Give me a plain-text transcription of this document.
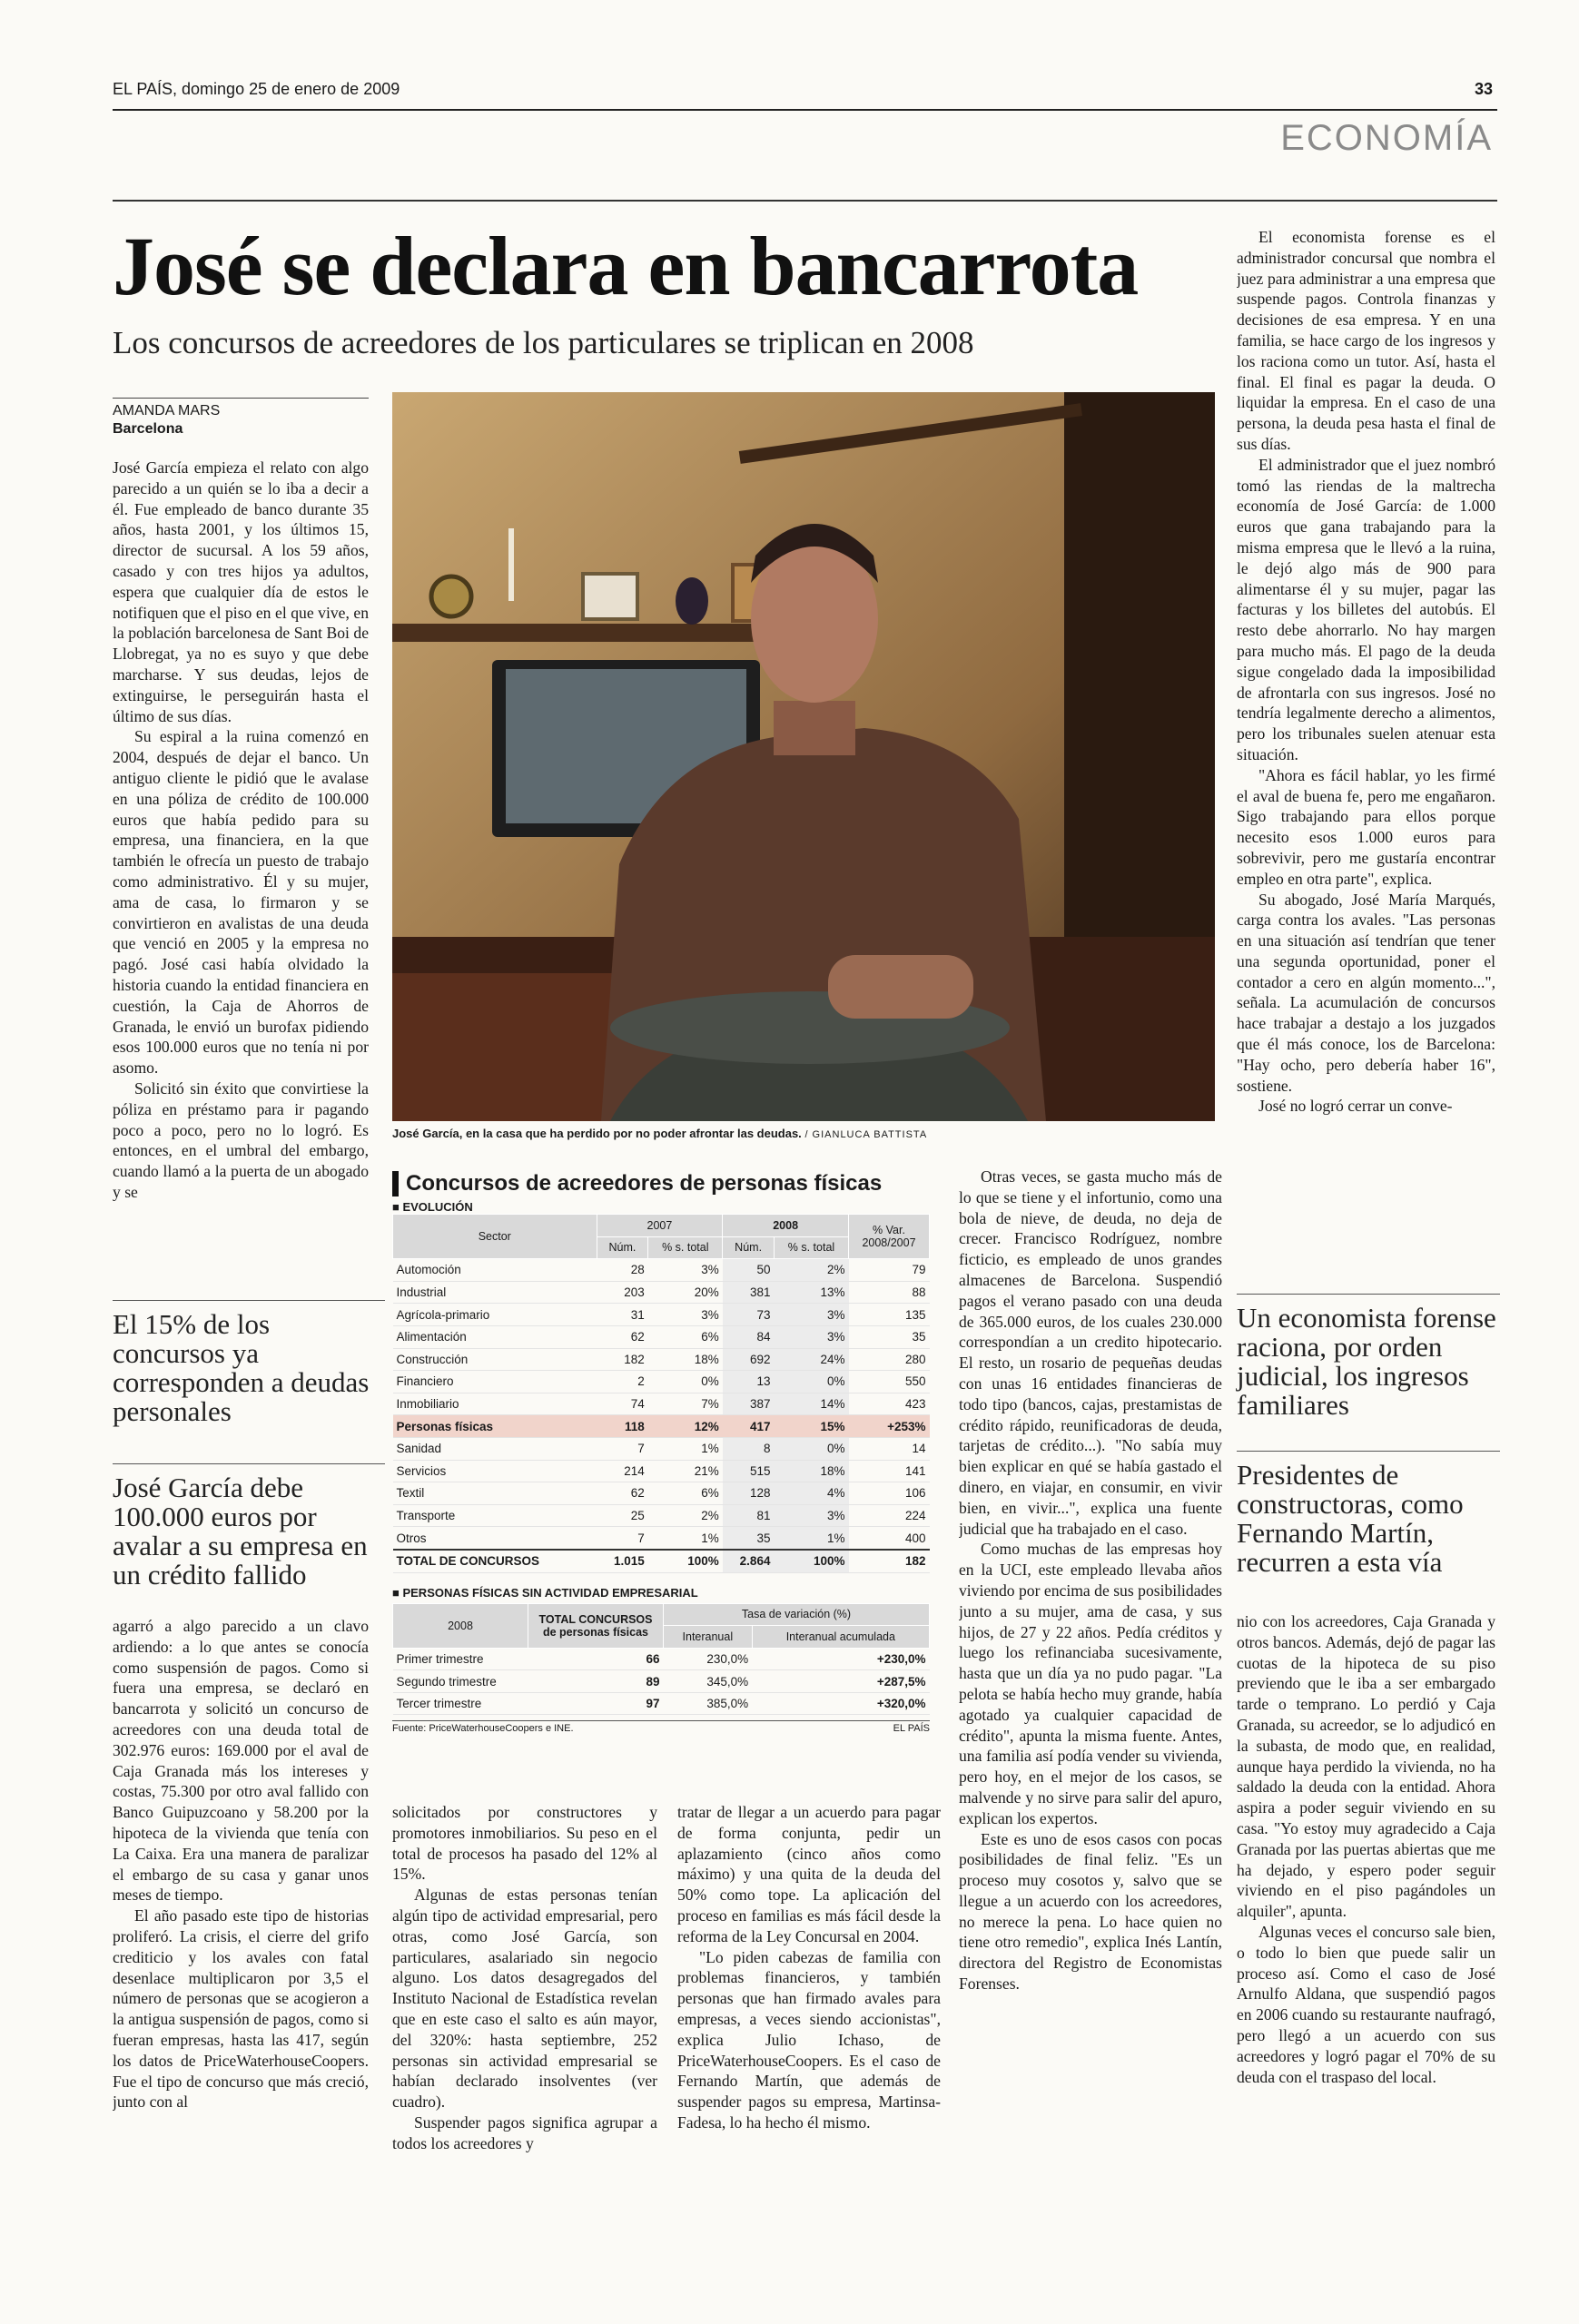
EL PAÍS, domingo 25 de enero de 2009	33
ECONOMÍA
José se declara en bancarrota
Los concursos de acreedores de los particulares se triplican en 2008
AMANDA MARS
Barcelona

José García empieza el relato con algo parecido a un quién se lo iba a decir a él. Fue empleado de banco durante 35 años, hasta 2001, y los últimos 15, director de sucursal. A los 59 años, casado y con tres hijos ya adultos, espera que cualquier día de estos le notifiquen que el piso en el que vive, en la población barcelonesa de Sant Boi de Llobregat, ya no es suyo y que debe marcharse. Y sus deudas, lejos de extinguirse, le perseguirán hasta el último de sus días.

Su espiral a la ruina comenzó en 2004, después de dejar el banco. Un antiguo cliente le pidió que le avalase en una póliza de crédito de 100.000 euros que había pedido para su empresa, una financiera, en la que también le ofrecía un puesto de trabajo como administrativo. Él y su mujer, ama de casa, lo firmaron y se convirtieron en avalistas de una deuda que venció en 2005 y la empresa no pagó. José casi había olvidado la historia cuando la entidad financiera en cuestión, la Caja de Ahorros de Granada, le envió un burofax pidiendo esos 100.000 euros que no tenía ni por asomo.

Solicitó sin éxito que convirtiese la póliza en préstamo para ir pagando poco a poco, pero no lo logró. Es entonces, en el umbral del embargo, cuando llamó a la puerta de un abogado y se

El 15% de los concursos ya corresponden a deudas personales
José García debe 100.000 euros por avalar a su empresa en un crédito fallido

agarró a algo parecido a un clavo ardiendo: a lo que antes se conocía como suspensión de pagos. Como si fuera una empresa, se declaró en bancarrota y solicitó un concurso de acreedores con una deuda total de 302.976 euros: 169.000 por el aval de Caja Granada más los intereses y costas, 75.300 por otro aval fallido con Banco Guipuzcoano y 58.200 por la hipoteca de la vivienda que tenía con La Caixa. Era una manera de paralizar el embargo de su casa y ganar unos meses de tiempo.

El año pasado este tipo de historias proliferó. La crisis, el cierre del grifo crediticio y los avales con fatal desenlace multiplicaron por 3,5 el número de personas que se acogieron a la antigua suspensión de pagos, como si fueran empresas, hasta las 417, según los datos de PriceWaterhouseCoopers. Fue el tipo de concurso que más creció, junto con al

José García, en la casa que ha perdido por no poder afrontar las deudas. / GIANLUCA BATTISTA
Concursos de acreedores de personas físicas
■ EVOLUCIÓN
Sector	2007		2008		% Var. 2008/2007
	Núm.	% s. total	Núm.	% s. total	
Automoción	28	3%	50	2%	79
Industrial	203	20%	381	13%	88
Agrícola-primario	31	3%	73	3%	135
Alimentación	62	6%	84	3%	35
Construcción	182	18%	692	24%	280
Financiero	2	0%	13	0%	550
Inmobiliario	74	7%	387	14%	423
Personas físicas	118	12%	417	15%	+253%
Sanidad	7	1%	8	0%	14
Servicios	214	21%	515	18%	141
Textil	62	6%	128	4%	106
Transporte	25	2%	81	3%	224
Otros	7	1%	35	1%	400
TOTAL DE CONCURSOS	1.015	100%	2.864	100%	182
■ PERSONAS FÍSICAS SIN ACTIVIDAD EMPRESARIAL
2008	TOTAL CONCURSOS de personas físicas	Tasa de variación (%)	
		Interanual	Interanual acumulada
Primer trimestre	66	230,0%	+230,0%
Segundo trimestre	89	345,0%	+287,5%
Tercer trimestre	97	385,0%	+320,0%
Fuente: PriceWaterhouseCoopers e INE.	EL PAÍS

solicitados por constructores y promotores inmobiliarios. Su peso en el total de procesos ha pasado del 12% al 15%.

Algunas de estas personas tenían algún tipo de actividad empresarial, pero otras, como José García, son particulares, asalariado sin negocio alguno. Los datos desagregados del Instituto Nacional de Estadística revelan que en este caso el salto es aún mayor, del 320%: hasta septiembre, 252 personas sin actividad empresarial se habían declarado insolventes (ver cuadro).

Suspender pagos significa agrupar a todos los acreedores y

tratar de llegar a un acuerdo para pagar de forma conjunta, pedir un aplazamiento (cinco años como máximo) y una quita de la deuda del 50% como tope. La aplicación del proceso en familias es más fácil desde la reforma de la Ley Concursal en 2004.

"Lo piden cabezas de familia con problemas financieros, y también personas que han firmado avales para empresas, a veces siendo accionistas", explica Julio Ichaso, de PriceWaterhouseCoopers. Es el caso de Fernando Martín, que además de suspender pagos su empresa, Martinsa-Fadesa, lo ha hecho él mismo.

Otras veces, se gasta mucho más de lo que se tiene y el infortunio, como una bola de nieve, de deuda, no deja de crecer. Francisco Rodríguez, nombre ficticio, es empleado de unos grandes almacenes de Barcelona. Suspendió pagos el verano pasado con una deuda de 365.000 euros, de los cuales 230.000 correspondían a un credito hipotecario. El resto, un rosario de pequeñas deudas con unas 16 entidades financieras de todo tipo (bancos, cajas, prestamistas de crédito rápido, reunificadoras de deuda, tarjetas de crédito...). "No sabía muy bien explicar en qué se había gastado el dinero, en viajar, en consumir, en vivir bien, en vivir...", explica una fuente judicial que ha trabajado en el caso.

Como muchas de las empresas hoy en la UCI, este empleado llevaba años viviendo por encima de sus posibilidades junto a su mujer, ama de casa, y sus hijos, de 27 y 22 años. Pedía créditos y luego los refinanciaba sucesivamente, hasta que un día ya no pudo pagar. "La pelota se había hecho muy grande, había agotado ya cualquier capacidad de crédito", apunta la misma fuente. Antes, una familia así podía vender su vivienda, pero hoy, en el mejor de los casos, se malvende y no sirve para salir del apuro, explican los expertos.

Este es uno de esos casos con pocas posibilidades de final feliz. "Es un proceso muy cosotos y, salvo que se llegue a un acuerdo con los acreedores, no merece la pena. Lo hace quien no tiene otro remedio", explica Inés Lantín, directora del Registro de Economistas Forenses.

El economista forense es el administrador concursal que nombra el juez para administrar a una empresa que suspende pagos. Controla finanzas y decisiones de esa empresa. Y en una familia, se hace cargo de los ingresos y los raciona como un tutor. Así, hasta el final. El final es pagar la deuda. O liquidar la empresa. En el caso de una persona, la deuda pesa hasta el final de sus días.

El administrador que el juez nombró tomó las riendas de la maltrecha economía de José García: de 1.000 euros que gana trabajando para la misma empresa que le llevó a la ruina, le dejó algo más de 900 para alimentarse él y su mujer, pagar las facturas y los billetes del autobús. El resto debe ahorrarlo. No hay margen para mucho más. El pago de la deuda sigue congelado dada la imposibilidad de afrontarla con sus ingresos. José no tendría legalmente derecho a alimentos, pero los tribunales suelen atenuar esta situación.

"Ahora es fácil hablar, yo les firmé el aval de buena fe, pero me engañaron. Sigo trabajando para ellos porque necesito esos 1.000 euros para sobrevivir, pero me gustaría encontrar empleo en otra parte", explica.

Su abogado, José María Marqués, carga contra los avales. "Las personas en una situación así tendrían que tener una segunda oportunidad, poner el contador a cero en algún momento...", señala. La acumulación de concursos hace trabajar a destajo a los juzgados que él más conoce, los de Barcelona: "Hay ocho, pero debería haber 16", sostiene.

José no logró cerrar un conve-

Un economista forense raciona, por orden judicial, los ingresos familiares
Presidentes de constructoras, como Fernando Martín, recurren a esta vía

nio con los acreedores, Caja Granada y otros bancos. Además, dejó de pagar las cuotas de la hipoteca de su piso previendo que le iba a ser embargado tarde o temprano. Lo perdió y Caja Granada, su acreedor, se lo adjudicó en la subasta, de modo que, en realidad, aunque haya perdido la vivienda, no ha saldado la deuda con la entidad. Ahora aspira a poder seguir viviendo en su casa. "Yo estoy muy agradecido a Caja Granada por las puertas abiertas que me ha dejado, y espero poder seguir viviendo en el piso pagándoles un alquiler", apunta.

Algunas veces el concurso sale bien, o todo lo bien que puede salir un proceso así. Como el caso de José Arnulfo Aldana, que suspendió pagos en 2006 cuando su restaurante naufragó, pero llegó a un acuerdo con sus acreedores y logró pagar el 70% de su deuda con el traspaso del local.
